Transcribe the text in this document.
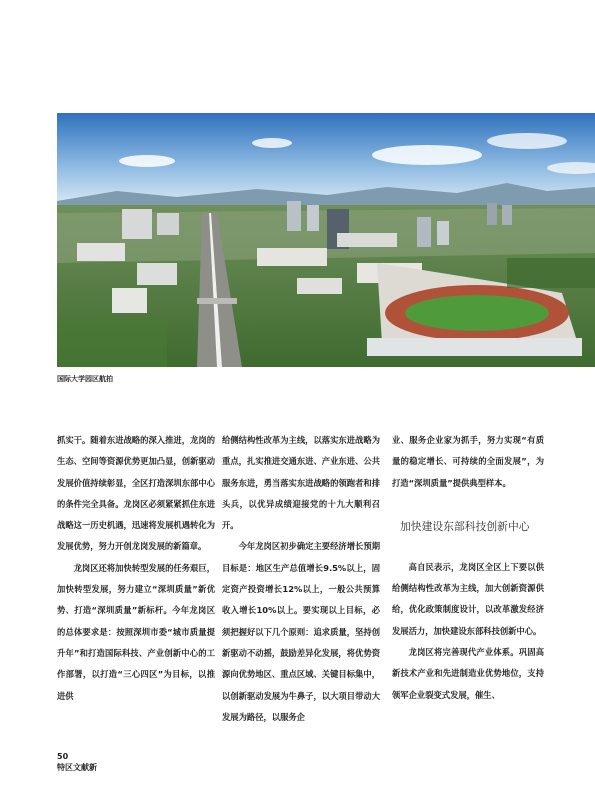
国际大学园区航拍

抓实干。随着东进战略的深入推进，龙岗的生态、空间等资源优势更加凸显，创新驱动发展价值持续彰显，全区打造深圳东部中心的条件完全具备。龙岗区必须紧紧抓住东进战略这一历史机遇，迅速将发展机遇转化为发展优势，努力开创龙岗发展的新篇章。

龙岗区还将加快转型发展的任务艰巨，加快转型发展，努力建立“深圳质量”新优势、打造“深圳质量”新标杆。今年龙岗区的总体要求是：按照深圳市委“城市质量提升年”和打造国际科技、产业创新中心的工作部署，以打造“三心四区”为目标，以推进供

给侧结构性改革为主线，以落实东进战略为重点，扎实推进交通东进、产业东进、公共服务东进，勇当落实东进战略的领跑者和排头兵，以优异成绩迎接党的十九大顺利召开。

今年龙岗区初步确定主要经济增长预期目标是：地区生产总值增长9.5%以上，固定资产投资增长12%以上，一般公共预算收入增长10%以上。要实现以上目标，必须把握好以下几个原则：追求质量，坚持创新驱动不动摇，鼓励差异化发展，将优势资源向优势地区、重点区域、关键目标集中，以创新驱动发展为牛鼻子，以大项目带动大发展为路径，以服务企

业、服务企业家为抓手，努力实现“有质量的稳定增长、可持续的全面发展”，为打造“深圳质量”提供典型样本。

加快建设东部科技创新中心

高自民表示，龙岗区全区上下要以供给侧结构性改革为主线，加大创新资源供给，优化政策制度设计，以改革激发经济发展活力，加快建设东部科技创新中心。

龙岗区将完善现代产业体系。巩固高新技术产业和先进制造业优势地位，支持领军企业裂变式发展，催生、

50
特区文献新
